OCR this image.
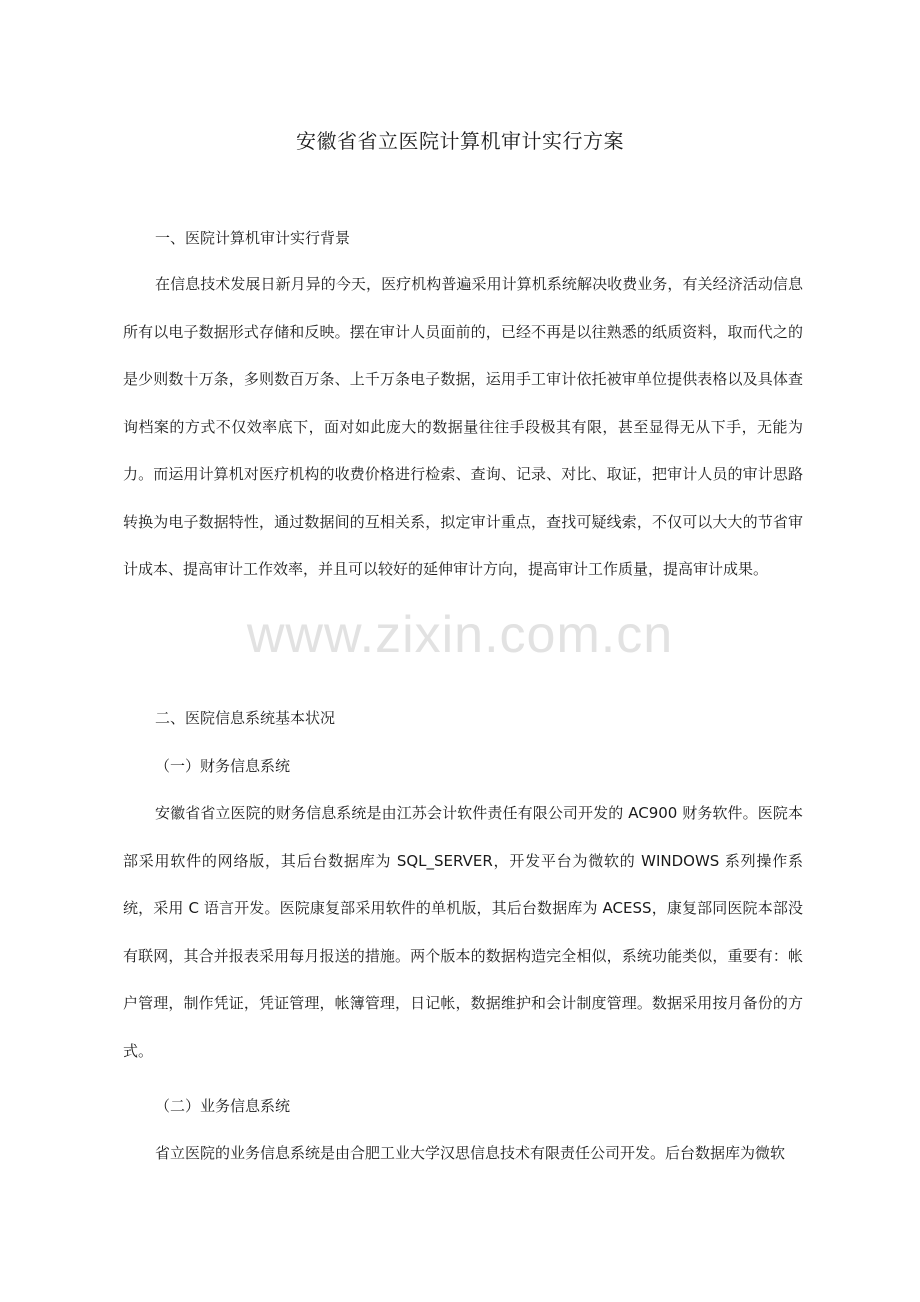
安徽省省立医院计算机审计实行方案
一、医院计算机审计实行背景

在信息技术发展日新月异的今天，医疗机构普遍采用计算机系统解决收费业务，有关经济活动信息所有以电子数据形式存储和反映。摆在审计人员面前的，已经不再是以往熟悉的纸质资料，取而代之的是少则数十万条，多则数百万条、上千万条电子数据，运用手工审计依托被审单位提供表格以及具体查询档案的方式不仅效率底下，面对如此庞大的数据量往往手段极其有限，甚至显得无从下手，无能为力。而运用计算机对医疗机构的收费价格进行检索、查询、记录、对比、取证，把审计人员的审计思路转换为电子数据特性，通过数据间的互相关系，拟定审计重点，查找可疑线索，不仅可以大大的节省审计成本、提高审计工作效率，并且可以较好的延伸审计方向，提高审计工作质量，提高审计成果。

www.zixin.com.cn
二、医院信息系统基本状况
（一）财务信息系统

安徽省省立医院的财务信息系统是由江苏会计软件责任有限公司开发的 AC900 财务软件。医院本部采用软件的网络版，其后台数据库为 SQL_SERVER，开发平台为微软的 WINDOWS 系列操作系统，采用 C 语言开发。医院康复部采用软件的单机版，其后台数据库为 ACESS，康复部同医院本部没有联网，其合并报表采用每月报送的措施。两个版本的数据构造完全相似，系统功能类似，重要有：帐户管理，制作凭证，凭证管理，帐簿管理，日记帐，数据维护和会计制度管理。数据采用按月备份的方式。

（二）业务信息系统

省立医院的业务信息系统是由合肥工业大学汉思信息技术有限责任公司开发。后台数据库为微软
